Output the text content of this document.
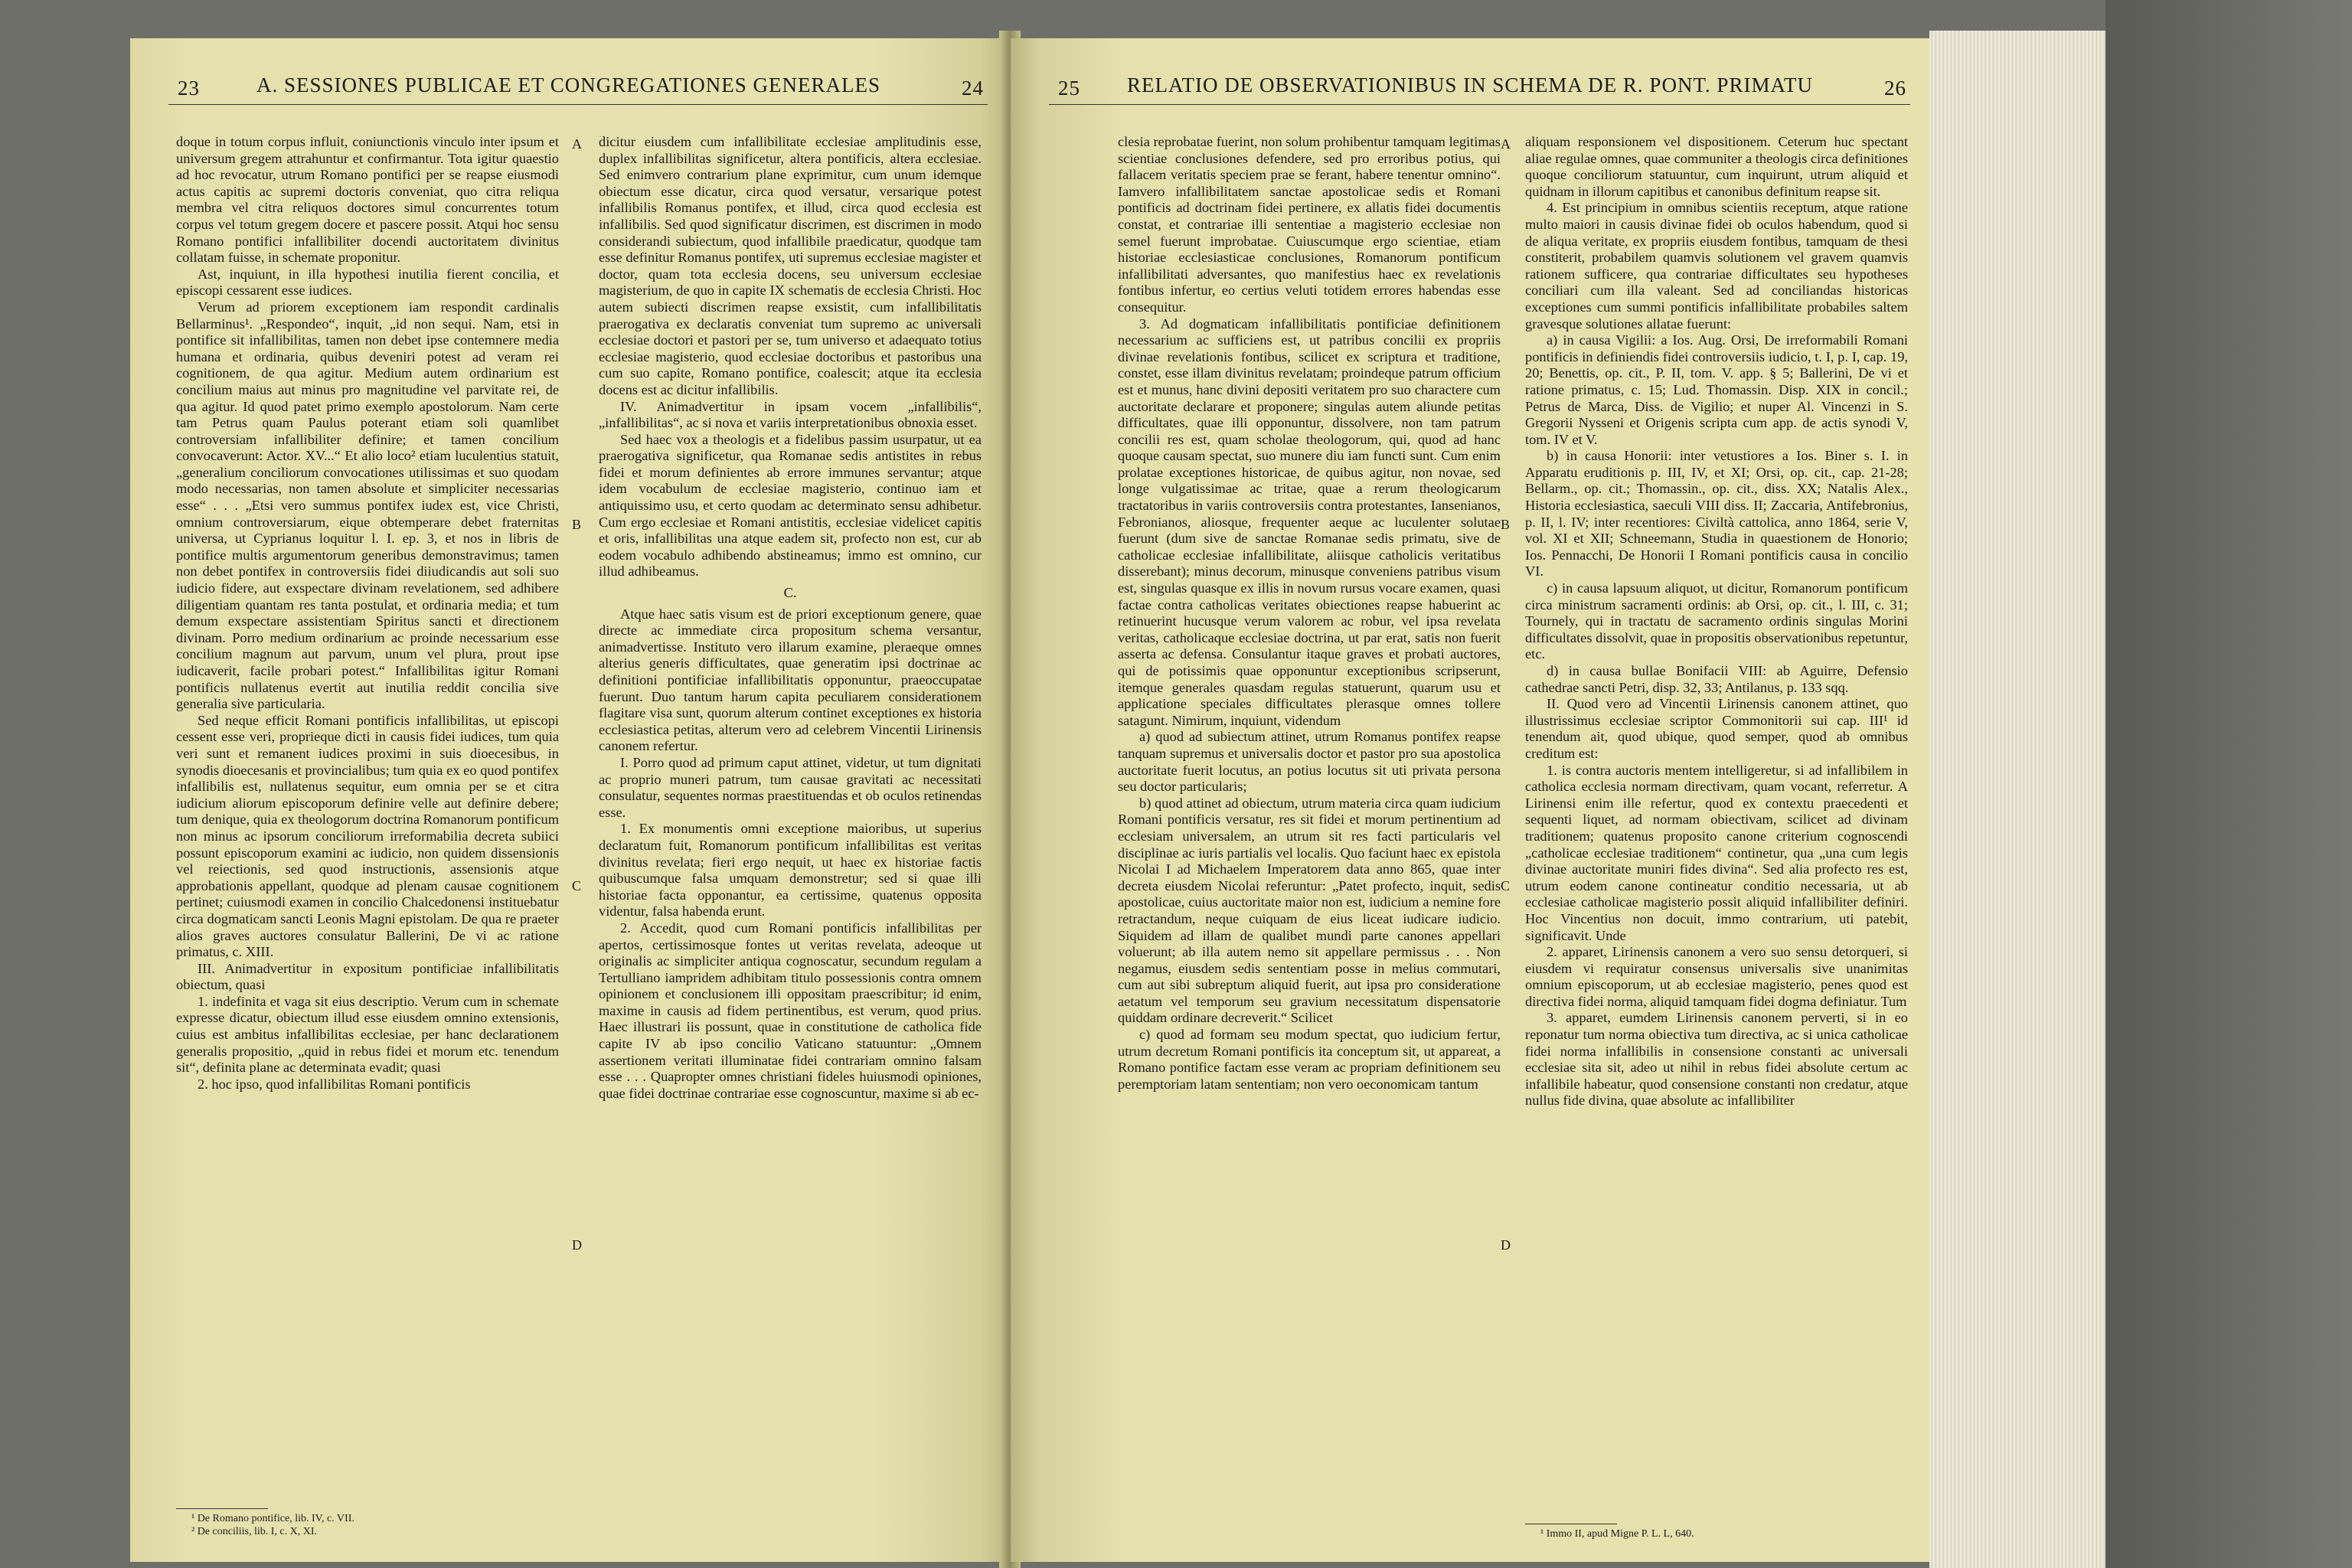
23	A. SESSIONES PUBLICAE ET CONGREGATIONES GENERALES	24

doque in totum corpus influit, coniunctionis vinculo inter ipsum et universum gregem attrahuntur et confirmantur. Tota igitur quaestio ad hoc revocatur, utrum Romano pontifici per se reapse eiusmodi actus capitis ac supremi doctoris conveniat, quo citra reliqua membra vel citra reliquos doctores simul concurrentes totum corpus vel totum gregem docere et pascere possit. Atqui hoc sensu Romano pontifici infallibiliter docendi auctoritatem divinitus collatam fuisse, in schemate proponitur.

Ast, inquiunt, in illa hypothesi inutilia fierent concilia, et episcopi cessarent esse iudices.

Verum ad priorem exceptionem iam respondit cardinalis Bellarminus¹. „Respondeo“, inquit, „id non sequi. Nam, etsi in pontifice sit infallibilitas, tamen non debet ipse contemnere media humana et ordinaria, quibus deveniri potest ad veram rei cognitionem, de qua agitur. Medium autem ordinarium est concilium maius aut minus pro magnitudine vel parvitate rei, de qua agitur. Id quod patet primo exemplo apostolorum. Nam certe tam Petrus quam Paulus poterant etiam soli quamlibet controversiam infallibiliter definire; et tamen concilium convocaverunt: Actor. XV...“ Et alio loco² etiam luculentius statuit, „generalium conciliorum convocationes utilissimas et suo quodam modo necessarias, non tamen absolute et simpliciter necessarias esse“ . . . „Etsi vero summus pontifex iudex est, vice Christi, omnium controversiarum, eique obtemperare debet fraternitas universa, ut Cyprianus loquitur l. I. ep. 3, et nos in libris de pontifice multis argumentorum generibus demonstravimus; tamen non debet pontifex in controversiis fidei diiudicandis aut soli suo iudicio fidere, aut exspectare divinam revelationem, sed adhibere diligentiam quantam res tanta postulat, et ordinaria media; et tum demum exspectare assistentiam Spiritus sancti et directionem divinam. Porro medium ordinarium ac proinde necessarium esse concilium magnum aut parvum, unum vel plura, prout ipse iudicaverit, facile probari potest.“ Infallibilitas igitur Romani pontificis nullatenus evertit aut inutilia reddit concilia sive generalia sive particularia.

Sed neque efficit Romani pontificis infallibilitas, ut episcopi cessent esse veri, proprieque dicti in causis fidei iudices, tum quia veri sunt et remanent iudices proximi in suis dioecesibus, in synodis dioecesanis et provincialibus; tum quia ex eo quod pontifex infallibilis est, nullatenus sequitur, eum omnia per se et citra iudicium aliorum episcoporum definire velle aut definire debere; tum denique, quia ex theologorum doctrina Romanorum pontificum non minus ac ipsorum conciliorum irreformabilia decreta subiici possunt episcoporum examini ac iudicio, non quidem dissensionis vel reiectionis, sed quod instructionis, assensionis atque approbationis appellant, quodque ad plenam causae cognitionem pertinet; cuiusmodi examen in concilio Chalcedonensi instituebatur circa dogmaticam sancti Leonis Magni epistolam. De qua re praeter alios graves auctores consulatur Ballerini, De vi ac ratione primatus, c. XIII.

III. Animadvertitur in expositum pontificiae infallibilitatis obiectum, quasi

1. indefinita et vaga sit eius descriptio. Verum cum in schemate expresse dicatur, obiectum illud esse eiusdem omnino extensionis, cuius est ambitus infallibilitas ecclesiae, per hanc declarationem generalis propositio, „quid in rebus fidei et morum etc. tenendum sit“, definita plane ac determinata evadit; quasi

2. hoc ipso, quod infallibilitas Romani pontificis

dicitur eiusdem cum infallibilitate ecclesiae amplitudinis esse, duplex infallibilitas significetur, altera pontificis, altera ecclesiae. Sed enimvero contrarium plane exprimitur, cum unum idemque obiectum esse dicatur, circa quod versatur, versarique potest infallibilis Romanus pontifex, et illud, circa quod ecclesia est infallibilis. Sed quod significatur discrimen, est discrimen in modo considerandi subiectum, quod infallibile praedicatur, quodque tam esse definitur Romanus pontifex, uti supremus ecclesiae magister et doctor, quam tota ecclesia docens, seu universum ecclesiae magisterium, de quo in capite IX schematis de ecclesia Christi. Hoc autem subiecti discrimen reapse exsistit, cum infallibilitatis praerogativa ex declaratis conveniat tum supremo ac universali ecclesiae doctori et pastori per se, tum universo et adaequato totius ecclesiae magisterio, quod ecclesiae doctoribus et pastoribus una cum suo capite, Romano pontifice, coalescit; atque ita ecclesia docens est ac dicitur infallibilis.

IV. Animadvertitur in ipsam vocem „infallibilis“, „infallibilitas“, ac si nova et variis interpretationibus obnoxia esset.

Sed haec vox a theologis et a fidelibus passim usurpatur, ut ea praerogativa significetur, qua Romanae sedis antistites in rebus fidei et morum definientes ab errore immunes servantur; atque idem vocabulum de ecclesiae magisterio, continuo iam et antiquissimo usu, et certo quodam ac determinato sensu adhibetur. Cum ergo ecclesiae et Romani antistitis, ecclesiae videlicet capitis et oris, infallibilitas una atque eadem sit, profecto non est, cur ab eodem vocabulo adhibendo abstineamus; immo est omnino, cur illud adhibeamus.

C.

Atque haec satis visum est de priori exceptionum genere, quae directe ac immediate circa propositum schema versantur, animadvertisse. Instituto vero illarum examine, pleraeque omnes alterius generis difficultates, quae generatim ipsi doctrinae ac definitioni pontificiae infallibilitatis opponuntur, praeoccupatae fuerunt. Duo tantum harum capita peculiarem considerationem flagitare visa sunt, quorum alterum continet exceptiones ex historia ecclesiastica petitas, alterum vero ad celebrem Vincentii Lirinensis canonem refertur.

I. Porro quod ad primum caput attinet, videtur, ut tum dignitati ac proprio muneri patrum, tum causae gravitati ac necessitati consulatur, sequentes normas praestituendas et ob oculos retinendas esse.

1. Ex monumentis omni exceptione maioribus, ut superius declaratum fuit, Romanorum pontificum infallibilitas est veritas divinitus revelata; fieri ergo nequit, ut haec ex historiae factis quibuscumque falsa umquam demonstretur; sed si quae illi historiae facta opponantur, ea certissime, quatenus opposita videntur, falsa habenda erunt.

2. Accedit, quod cum Romani pontificis infallibilitas per apertos, certissimosque fontes ut veritas revelata, adeoque ut originalis ac simpliciter antiqua cognoscatur, secundum regulam a Tertulliano iampridem adhibitam titulo possessionis contra omnem opinionem et conclusionem illi oppositam praescribitur; id enim, maxime in causis ad fidem pertinentibus, est verum, quod prius. Haec illustrari iis possunt, quae in constitutione de catholica fide capite IV ab ipso concilio Vaticano statuuntur: „Omnem assertionem veritati illuminatae fidei contrariam omnino falsam esse . . . Quapropter omnes christiani fideles huiusmodi opiniones, quae fidei doctrinae contrariae esse cognoscuntur, maxime si ab ec-

¹ De Romano pontifice, lib. IV, c. VII.
² De conciliis, lib. I, c. X, XI.
A
B
C
D
25	RELATIO DE OBSERVATIONIBUS IN SCHEMA DE R. PONT. PRIMATU	26

clesia reprobatae fuerint, non solum prohibentur tamquam legitimas scientiae conclusiones defendere, sed pro erroribus potius, qui fallacem veritatis speciem prae se ferant, habere tenentur omnino“. Iamvero infallibilitatem sanctae apostolicae sedis et Romani pontificis ad doctrinam fidei pertinere, ex allatis fidei documentis constat, et contrariae illi sententiae a magisterio ecclesiae non semel fuerunt improbatae. Cuiuscumque ergo scientiae, etiam historiae ecclesiasticae conclusiones, Romanorum pontificum infallibilitati adversantes, quo manifestius haec ex revelationis fontibus infertur, eo certius veluti totidem errores habendas esse consequitur.

3. Ad dogmaticam infallibilitatis pontificiae definitionem necessarium ac sufficiens est, ut patribus concilii ex propriis divinae revelationis fontibus, scilicet ex scriptura et traditione, constet, esse illam divinitus revelatam; proindeque patrum officium est et munus, hanc divini depositi veritatem pro suo charactere cum auctoritate declarare et proponere; singulas autem aliunde petitas difficultates, quae illi opponuntur, dissolvere, non tam patrum concilii res est, quam scholae theologorum, qui, quod ad hanc quoque causam spectat, suo munere diu iam functi sunt. Cum enim prolatae exceptiones historicae, de quibus agitur, non novae, sed longe vulgatissimae ac tritae, quae a rerum theologicarum tractatoribus in variis controversiis contra protestantes, Iansenianos, Febronianos, aliosque, frequenter aeque ac luculenter solutae fuerunt (dum sive de sanctae Romanae sedis primatu, sive de catholicae ecclesiae infallibilitate, aliisque catholicis veritatibus disserebant); minus decorum, minusque conveniens patribus visum est, singulas quasque ex illis in novum rursus vocare examen, quasi factae contra catholicas veritates obiectiones reapse habuerint ac retinuerint hucusque verum valorem ac robur, vel ipsa revelata veritas, catholicaque ecclesiae doctrina, ut par erat, satis non fuerit asserta ac defensa. Consulantur itaque graves et probati auctores, qui de potissimis quae opponuntur exceptionibus scripserunt, itemque generales quasdam regulas statuerunt, quarum usu et applicatione speciales difficultates plerasque omnes tollere satagunt. Nimirum, inquiunt, videndum

a) quod ad subiectum attinet, utrum Romanus pontifex reapse tanquam supremus et universalis doctor et pastor pro sua apostolica auctoritate fuerit locutus, an potius locutus sit uti privata persona seu doctor particularis;

b) quod attinet ad obiectum, utrum materia circa quam iudicium Romani pontificis versatur, res sit fidei et morum pertinentium ad ecclesiam universalem, an utrum sit res facti particularis vel disciplinae ac iuris partialis vel localis. Quo faciunt haec ex epistola Nicolai I ad Michaelem Imperatorem data anno 865, quae inter decreta eiusdem Nicolai referuntur: „Patet profecto, inquit, sedis apostolicae, cuius auctoritate maior non est, iudicium a nemine fore retractandum, neque cuiquam de eius liceat iudicare iudicio. Siquidem ad illam de qualibet mundi parte canones appellari voluerunt; ab illa autem nemo sit appellare permissus . . . Non negamus, eiusdem sedis sententiam posse in melius commutari, cum aut sibi subreptum aliquid fuerit, aut ipsa pro consideratione aetatum vel temporum seu gravium necessitatum dispensatorie quiddam ordinare decreverit.“ Scilicet

c) quod ad formam seu modum spectat, quo iudicium fertur, utrum decretum Romani pontificis ita conceptum sit, ut appareat, a Romano pontifice factam esse veram ac propriam definitionem seu peremptoriam latam sententiam; non vero oeconomicam tantum

aliquam responsionem vel dispositionem. Ceterum huc spectant aliae regulae omnes, quae communiter a theologis circa definitiones quoque conciliorum statuuntur, cum inquirunt, utrum aliquid et quidnam in illorum capitibus et canonibus definitum reapse sit.

4. Est principium in omnibus scientiis receptum, atque ratione multo maiori in causis divinae fidei ob oculos habendum, quod si de aliqua veritate, ex propriis eiusdem fontibus, tamquam de thesi constiterit, probabilem quamvis solutionem vel gravem quamvis rationem sufficere, qua contrariae difficultates seu hypotheses conciliari cum illa valeant. Sed ad conciliandas historicas exceptiones cum summi pontificis infallibilitate probabiles saltem gravesque solutiones allatae fuerunt:

a) in causa Vigilii: a Ios. Aug. Orsi, De irreformabili Romani pontificis in definiendis fidei controversiis iudicio, t. I, p. I, cap. 19, 20; Benettis, op. cit., P. II, tom. V. app. § 5; Ballerini, De vi et ratione primatus, c. 15; Lud. Thomassin. Disp. XIX in concil.; Petrus de Marca, Diss. de Vigilio; et nuper Al. Vincenzi in S. Gregorii Nysseni et Origenis scripta cum app. de actis synodi V, tom. IV et V.

b) in causa Honorii: inter vetustiores a Ios. Biner s. I. in Apparatu eruditionis p. III, IV, et XI; Orsi, op. cit., cap. 21-28; Bellarm., op. cit.; Thomassin., op. cit., diss. XX; Natalis Alex., Historia ecclesiastica, saeculi VIII diss. II; Zaccaria, Antifebronius, p. II, l. IV; inter recentiores: Civiltà cattolica, anno 1864, serie V, vol. XI et XII; Schneemann, Studia in quaestionem de Honorio; Ios. Pennacchi, De Honorii I Romani pontificis causa in concilio VI.

c) in causa lapsuum aliquot, ut dicitur, Romanorum pontificum circa ministrum sacramenti ordinis: ab Orsi, op. cit., l. III, c. 31; Tournely, qui in tractatu de sacramento ordinis singulas Morini difficultates dissolvit, quae in propositis observationibus repetuntur, etc.

d) in causa bullae Bonifacii VIII: ab Aguirre, Defensio cathedrae sancti Petri, disp. 32, 33; Antilanus, p. 133 sqq.

II. Quod vero ad Vincentii Lirinensis canonem attinet, quo illustrissimus ecclesiae scriptor Commonitorii sui cap. III¹ id tenendum ait, quod ubique, quod semper, quod ab omnibus creditum est:

1. is contra auctoris mentem intelligeretur, si ad infallibilem in catholica ecclesia normam directivam, quam vocant, referretur. A Lirinensi enim ille refertur, quod ex contextu praecedenti et sequenti liquet, ad normam obiectivam, scilicet ad divinam traditionem; quatenus proposito canone criterium cognoscendi „catholicae ecclesiae traditionem“ continetur, qua „una cum legis divinae auctoritate muniri fides divina“. Sed alia profecto res est, utrum eodem canone contineatur conditio necessaria, ut ab ecclesiae catholicae magisterio possit aliquid infallibiliter definiri. Hoc Vincentius non docuit, immo contrarium, uti patebit, significavit. Unde

2. apparet, Lirinensis canonem a vero suo sensu detorqueri, si eiusdem vi requiratur consensus universalis sive unanimitas omnium episcoporum, ut ab ecclesiae magisterio, penes quod est directiva fidei norma, aliquid tamquam fidei dogma definiatur. Tum

3. apparet, eumdem Lirinensis canonem perverti, si in eo reponatur tum norma obiectiva tum directiva, ac si unica catholicae fidei norma infallibilis in consensione constanti ac universali ecclesiae sita sit, adeo ut nihil in rebus fidei absolute certum ac infallibile habeatur, quod consensione constanti non credatur, atque nullus fide divina, quae absolute ac infallibiliter

¹ Immo II, apud Migne P. L. L, 640.
A
B
C
D
